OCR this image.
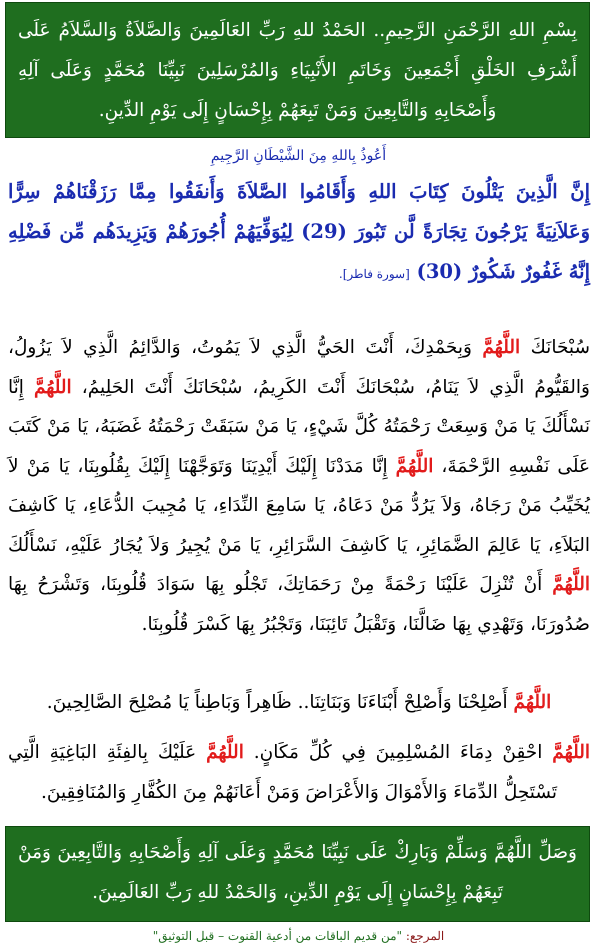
بِسْمِ اللهِ الرَّحْمَنِ الرَّحِيمِ.. الحَمْدُ للهِ رَبِّ العَالَمِينَ وَالصَّلاَةُ وَالسَّلاَمُ عَلَى أَشْرَفِ الخَلْقِ أَجْمَعِينَ وَخَاتَمِ الأَنْبِيَاءِ وَالمُرْسَلِينَ نَبِيِّنَا مُحَمَّدٍ وَعَلَى آلِهِ وَأَصْحَابِهِ وَالتَّابِعِينَ وَمَنْ تَبِعَهُمْ بِإِحْسَانٍ إِلَى يَوْمِ الدِّينِ.
أَعُوذُ بِاللهِ مِنَ الشَّيْطَانِ الرَّجِيمِ
إِنَّ الَّذِينَ يَتْلُونَ كِتَابَ اللهِ وَأَقَامُوا الصَّلاَةَ وَأَنفَقُوا مِمَّا رَزَقْنَاهُمْ سِرًّا وَعَلاَنِيَةً يَرْجُونَ تِجَارَةً لَّن تَبُورَ (29) لِيُوَفِّيَهُمْ أُجُورَهُمْ وَيَزِيدَهُم مِّن فَضْلِهِ إِنَّهُ غَفُورٌ شَكُورٌ (30) [سورة فاطر].
سُبْحَانَكَ اللَّهُمَّ وَبِحَمْدِكَ، أَنْتَ الحَيُّ الَّذِي لاَ يَمُوتُ، وَالدَّائِمُ الَّذِي لاَ يَزُولُ، وَالقَيُّومُ الَّذِي لاَ يَنَامُ، سُبْحَانَكَ أَنْتَ الكَرِيمُ، سُبْحَانَكَ أَنْتَ الحَلِيمُ، اللَّهُمَّ إِنَّا نَسْأَلُكَ يَا مَنْ وَسِعَتْ رَحْمَتُهُ كُلَّ شَيْءٍ، يَا مَنْ سَبَقَتْ رَحْمَتُهُ غَضَبَهُ، يَا مَنْ كَتَبَ عَلَى نَفْسِهِ الرَّحْمَةَ، اللَّهُمَّ إِنَّا مَدَدْنَا إِلَيْكَ أَيْدِيَنَا وَتَوَجَّهْنَا إِلَيْكَ بِقُلُوبِنَا، يَا مَنْ لاَ يُخَيِّبُ مَنْ رَجَاهُ، وَلاَ يَرُدُّ مَنْ دَعَاهُ، يَا سَامِعَ النِّدَاءِ، يَا مُجِيبَ الدُّعَاءِ، يَا كَاشِفَ البَلاَءِ، يَا عَالِمَ الضَّمَائِرِ، يَا كَاشِفَ السَّرَائِرِ، يَا مَنْ يُجِيرُ وَلاَ يُجَارُ عَلَيْهِ، نَسْأَلُكَ اللَّهُمَّ أَنْ تُنْزِلَ عَلَيْنَا رَحْمَةً مِنْ رَحَمَاتِكَ، تَجْلُو بِهَا سَوَادَ قُلُوبِنَا، وَتَشْرَحُ بِهَا صُدُورَنَا، وَتَهْدِي بِهَا ضَالَّنَا، وَتَقْبَلُ تَائِبَنَا، وَتَجْبُرُ بِهَا كَسْرَ قُلُوبِنَا.
اللَّهُمَّ أَصْلِحْنَا وَأَصْلِحْ أَبْنَاءَنَا وَبَنَاتِنَا.. ظَاهِراً وَبَاطِناً يَا مُصْلِحَ الصَّالِحِينَ.
اللَّهُمَّ احْقِنْ دِمَاءَ المُسْلِمِينَ فِي كُلِّ مَكَانٍ. اللَّهُمَّ عَلَيْكَ بِالفِئَةِ البَاغِيَةِ الَّتِي تَسْتَحِلُّ الدِّمَاءَ وَالأَمْوَالَ وَالأَعْرَاضَ وَمَنْ أَعَانَهُمْ مِنَ الكُفَّارِ وَالمُنَافِقِينَ.
وَصَلِّ اللَّهُمَّ وَسَلِّمْ وَبَارِكْ عَلَى نَبِيِّنَا مُحَمَّدٍ وَعَلَى آلِهِ وَأَصْحَابِهِ وَالتَّابِعِينَ وَمَنْ تَبِعَهُمْ بِإِحْسَانٍ إِلَى يَوْمِ الدِّينِ، وَالحَمْدُ للهِ رَبِّ العَالَمِينَ.
المرجع: "من قديم الباقات من أدعية القنوت – قبل التوثيق"
